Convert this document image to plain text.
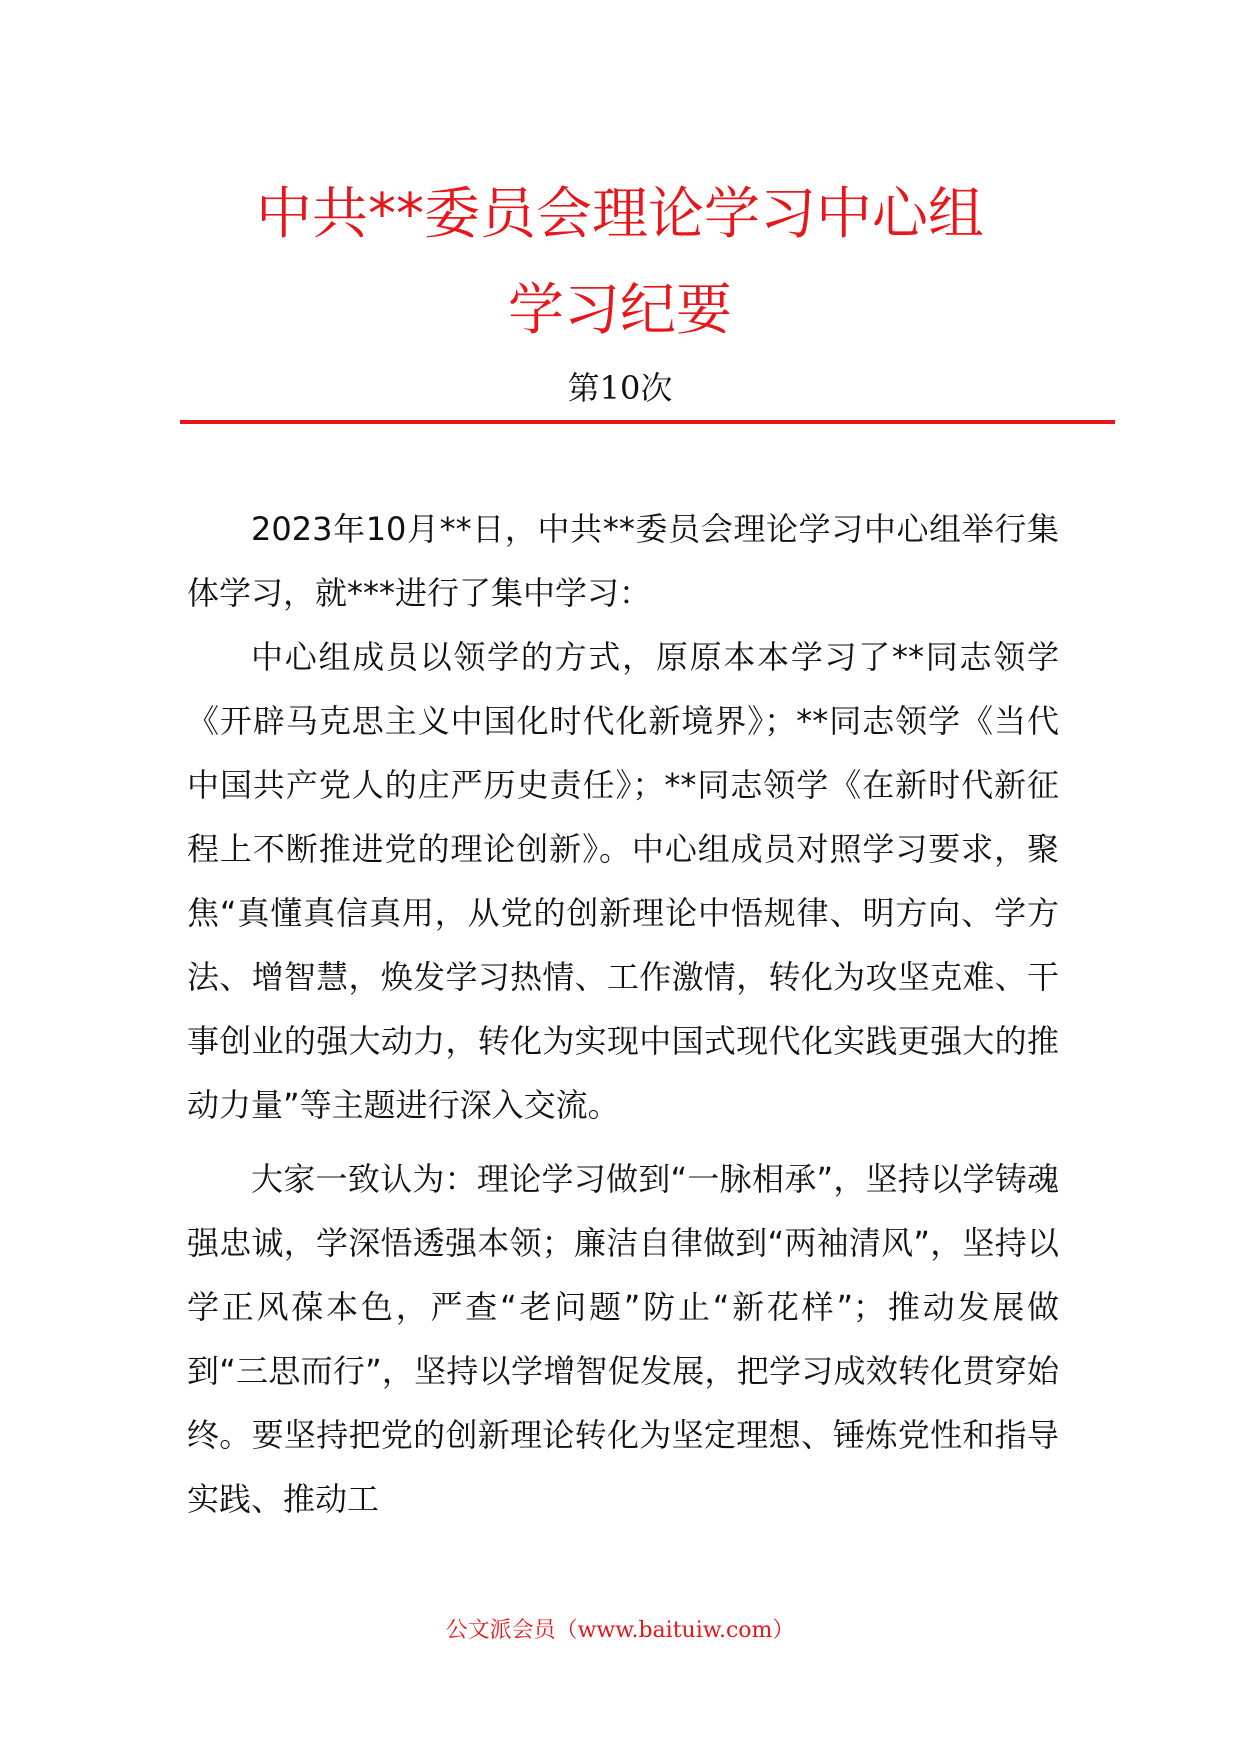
中共**委员会理论学习中心组
学习纪要
第10次

2023年10月**日，中共**委员会理论学习中心组举行集体学习，就***进行了集中学习：

中心组成员以领学的方式，原原本本学习了**同志领学《开辟马克思主义中国化时代化新境界》；**同志领学《当代中国共产党人的庄严历史责任》；**同志领学《在新时代新征程上不断推进党的理论创新》。中心组成员对照学习要求，聚焦“真懂真信真用，从党的创新理论中悟规律、明方向、学方法、增智慧，焕发学习热情、工作激情，转化为攻坚克难、干事创业的强大动力，转化为实现中国式现代化实践更强大的推动力量”等主题进行深入交流。

大家一致认为：理论学习做到“一脉相承”，坚持以学铸魂强忠诚，学深悟透强本领；廉洁自律做到“两袖清风”，坚持以学正风葆本色，严查“老问题”防止“新花样”；推动发展做到“三思而行”，坚持以学增智促发展，把学习成效转化贯穿始终。要坚持把党的创新理论转化为坚定理想、锤炼党性和指导实践、推动工

公文派会员（www.baituiw.com）
